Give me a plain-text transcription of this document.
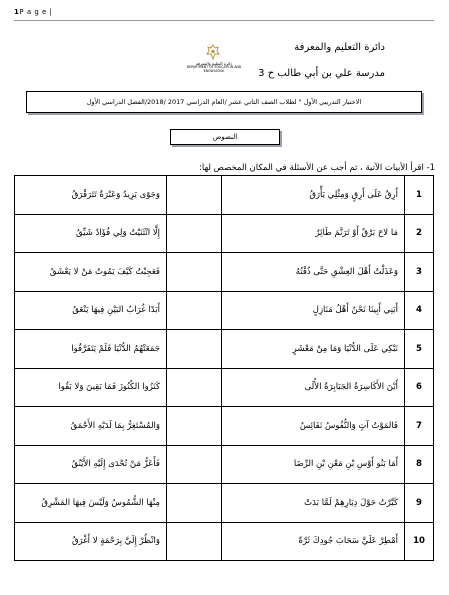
1P a g e |
دائرة التعليم والمعرفة
DEPARTMENT OF EDUCATION AND KNOWLEDGE
دائرة التعليم والمعرفة
مدرسة علي بن أبي طالب ح 3
الاختبار التدريبي الأول " لطلاب الصف الثاني عشر /العام الدراسي 2017 /2018/الفصل الدراسي الأول
النصوص
1- اقرأ الأبيات الآتية ، ثم أجب عن الأسئلة في المكان المخصص لها:
1	أَرِقٌ عَلَى أَرِقٍ وَمِثْلِي يَأْرَقُ		وَجَوًى يَزِيدُ وَعَبْرَةٌ تَتَرَقْرَقُ
2	مَا لاحَ بَرْقٌ أَوْ تَرَنَّمَ طَائِرٌ		إِلَّا انْثَنَيْتُ وَلِي فُؤَادٌ شَيِّقُ
3	وَعَذَلْتُ أَهْلَ العِشْقِ حَتَّى ذُقْتُهُ		فَعَجِبْتُ كَيْفَ يَمُوتُ مَنْ لا يَعْشَقُ
4	أَبَنِي أَبِينَا نَحْنُ أَهْلُ مَنَازِلٍ		أَبَدًا غُرَابُ البَيْنِ فِيهَا يَنْعَقُ
5	نَبْكِي عَلَى الدُّنْيَا وَمَا مِنْ مَعْشَرٍ		جَمَعَتْهُمُ الدُّنْيَا فَلَمْ يَتَفَرَّقُوا
6	أَيْنَ الأَكَاسِرَةُ الجَبَابِرَةُ الأُلَى		كَنَزُوا الكُنُوزَ فَمَا بَقِينَ وَلا بَقُوا
7	فَالمَوْتُ آتٍ وَالنُّفُوسُ نَفَائِسٌ		وَالمُسْتَغِرُّ بِمَا لَدَيْهِ الأَحْمَقُ
8	أَمَا بَنُو أَوْسِ بْنِ مَعْنِ بْنِ الرِّضَا		فَأَعَزُّ مَنْ تُحْدَى إِلَيْهِ الأَيْنُقُ
9	كَبَّرْتُ حَوْلَ دِيَارِهِمْ لَمَّا بَدَتْ		مِنْهَا الشُّمُوسُ وَلَيْسَ فِيهَا المَشْرِقُ
10	أَمْطِرْ عَلَيَّ سَحَابَ جُودِكَ ثَرَّةً		وَانْظُرْ إِلَيَّ بِرَحْمَةٍ لا أَغْرَقُ
